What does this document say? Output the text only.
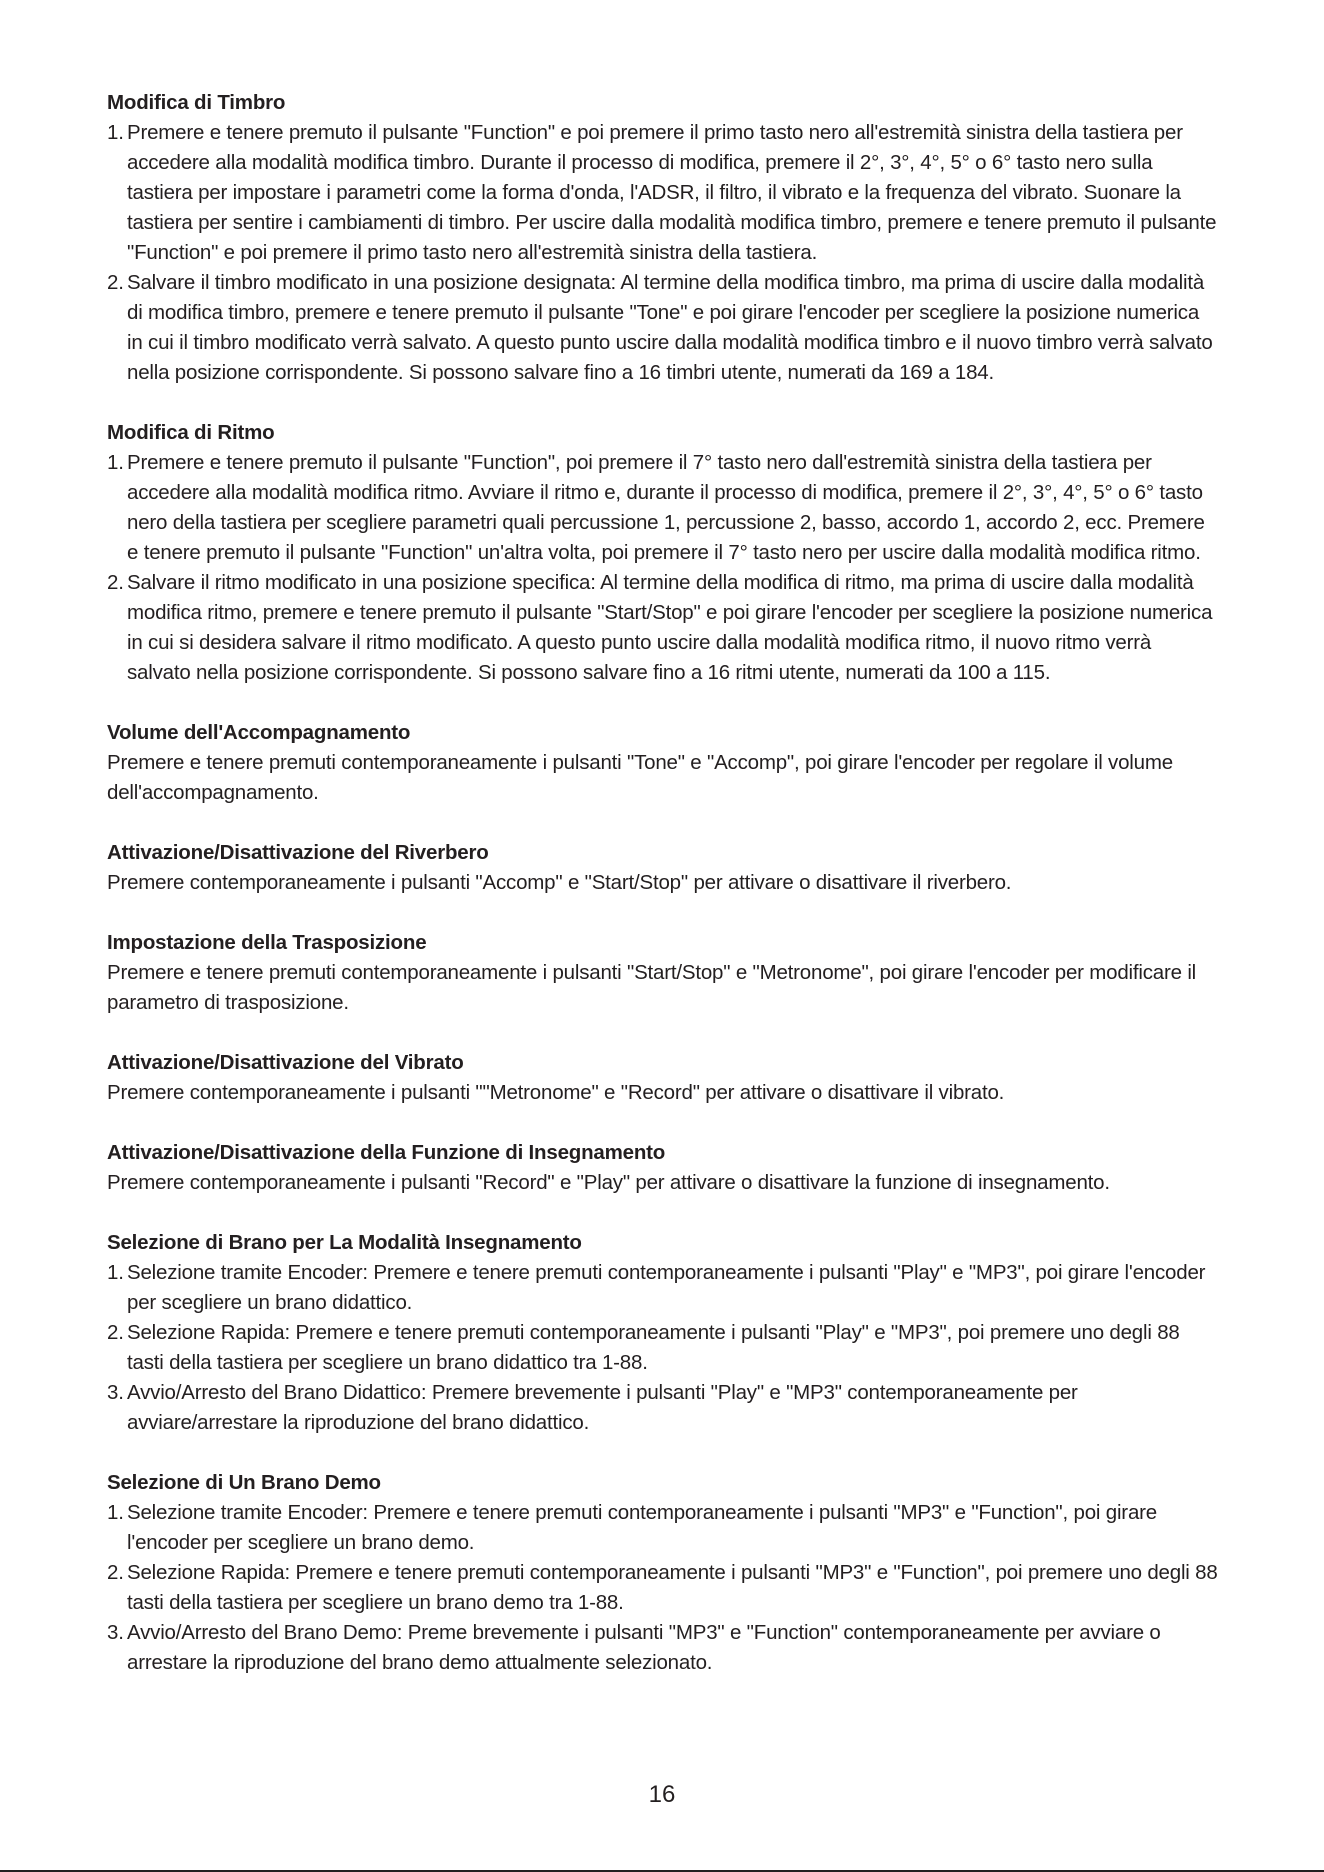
Modifica di Timbro
1. Premere e tenere premuto il pulsante "Function" e poi premere il primo tasto nero all'estremità sinistra della tastiera per accedere alla modalità modifica timbro. Durante il processo di modifica, premere il 2°, 3°, 4°, 5° o 6° tasto nero sulla tastiera per impostare i parametri come la forma d'onda, l'ADSR, il filtro, il vibrato e la frequenza del vibrato. Suonare la tastiera per sentire i cambiamenti di timbro. Per uscire dalla modalità modifica timbro, premere e tenere premuto il pulsante "Function" e poi premere il primo tasto nero all'estremità sinistra della tastiera.
2. Salvare il timbro modificato in una posizione designata: Al termine della modifica timbro, ma prima di uscire dalla modalità di modifica timbro, premere e tenere premuto il pulsante "Tone" e poi girare l'encoder per scegliere la posizione numerica in cui il timbro modificato verrà salvato. A questo punto uscire dalla modalità modifica timbro e il nuovo timbro verrà salvato nella posizione corrispondente. Si possono salvare fino a 16 timbri utente, numerati da 169 a 184.
Modifica di Ritmo
1. Premere e tenere premuto il pulsante "Function", poi premere il 7° tasto nero dall'estremità sinistra della tastiera per accedere alla modalità modifica ritmo. Avviare il ritmo e, durante il processo di modifica, premere il 2°, 3°, 4°, 5° o 6° tasto nero della tastiera per scegliere parametri quali percussione 1, percussione 2, basso, accordo 1, accordo 2, ecc. Premere e tenere premuto il pulsante "Function" un'altra volta, poi premere il 7° tasto nero per uscire dalla modalità modifica ritmo.
2. Salvare il ritmo modificato in una posizione specifica: Al termine della modifica di ritmo, ma prima di uscire dalla modalità modifica ritmo, premere e tenere premuto il pulsante "Start/Stop" e poi girare l'encoder per scegliere la posizione numerica in cui si desidera salvare il ritmo modificato. A questo punto uscire dalla modalità modifica ritmo, il nuovo ritmo verrà salvato nella posizione corrispondente. Si possono salvare fino a 16 ritmi utente, numerati da 100 a 115.
Volume dell'Accompagnamento

Premere e tenere premuti contemporaneamente i pulsanti "Tone" e "Accomp", poi girare l'encoder per regolare il volume dell'accompagnamento.

Attivazione/Disattivazione del Riverbero

Premere contemporaneamente i pulsanti "Accomp" e "Start/Stop" per attivare o disattivare il riverbero.

Impostazione della Trasposizione

Premere e tenere premuti contemporaneamente i pulsanti "Start/Stop" e "Metronome", poi girare l'encoder per modificare il parametro di trasposizione.

Attivazione/Disattivazione del Vibrato

Premere contemporaneamente i pulsanti ""Metronome" e "Record" per attivare o disattivare il vibrato.

Attivazione/Disattivazione della Funzione di Insegnamento

Premere contemporaneamente i pulsanti "Record" e "Play" per attivare o disattivare la funzione di insegnamento.

Selezione di Brano per La Modalità Insegnamento
1. Selezione tramite Encoder: Premere e tenere premuti contemporaneamente i pulsanti "Play" e "MP3", poi girare l'encoder per scegliere un brano didattico.
2. Selezione Rapida: Premere e tenere premuti contemporaneamente i pulsanti "Play" e "MP3", poi premere uno degli 88 tasti della tastiera per scegliere un brano didattico tra 1-88.
3. Avvio/Arresto del Brano Didattico: Premere brevemente i pulsanti "Play" e "MP3" contemporaneamente per avviare/arrestare la riproduzione del brano didattico.
Selezione di Un Brano Demo
1. Selezione tramite Encoder: Premere e tenere premuti contemporaneamente i pulsanti "MP3" e "Function", poi girare l'encoder per scegliere un brano demo.
2. Selezione Rapida: Premere e tenere premuti contemporaneamente i pulsanti "MP3" e "Function", poi premere uno degli 88 tasti della tastiera per scegliere un brano demo tra 1-88.
3. Avvio/Arresto del Brano Demo: Preme brevemente i pulsanti "MP3" e "Function" contemporaneamente per avviare o arrestare la riproduzione del brano demo attualmente selezionato.
16
